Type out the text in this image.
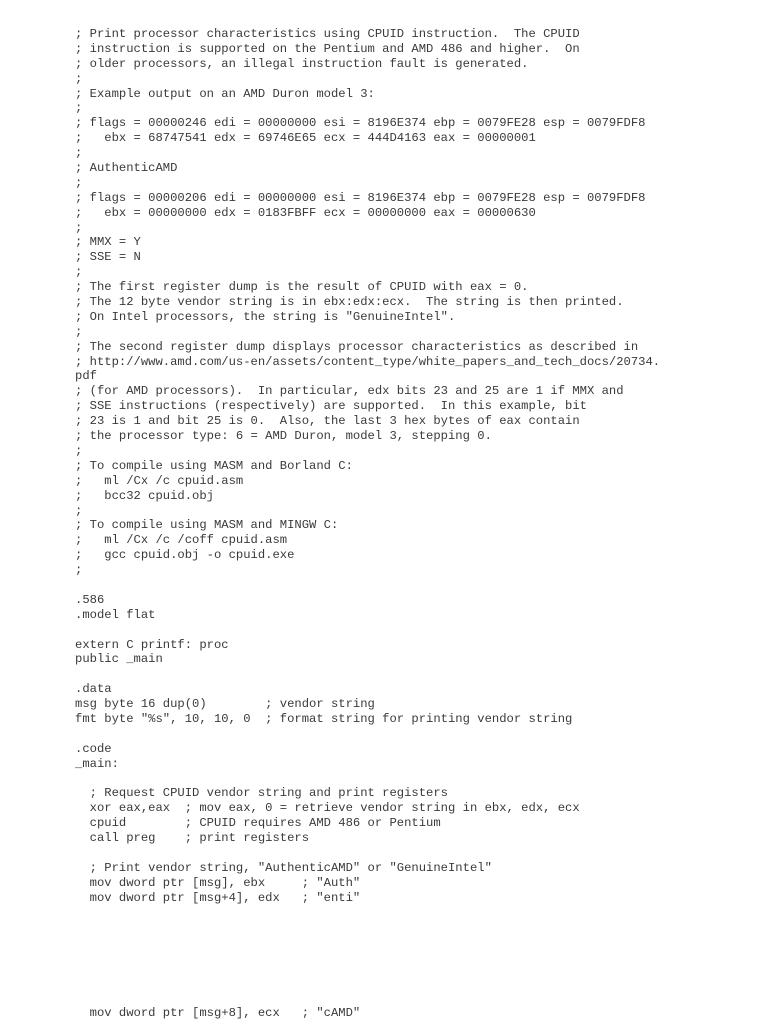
; Print processor characteristics using CPUID instruction.  The CPUID
; instruction is supported on the Pentium and AMD 486 and higher.  On
; older processors, an illegal instruction fault is generated.
;
; Example output on an AMD Duron model 3:
;
; flags = 00000246 edi = 00000000 esi = 8196E374 ebp = 0079FE28 esp = 0079FDF8
;   ebx = 68747541 edx = 69746E65 ecx = 444D4163 eax = 00000001
;
; AuthenticAMD
;
; flags = 00000206 edi = 00000000 esi = 8196E374 ebp = 0079FE28 esp = 0079FDF8
;   ebx = 00000000 edx = 0183FBFF ecx = 00000000 eax = 00000630
;
; MMX = Y
; SSE = N
;
; The first register dump is the result of CPUID with eax = 0.
; The 12 byte vendor string is in ebx:edx:ecx.  The string is then printed.
; On Intel processors, the string is "GenuineIntel".
;
; The second register dump displays processor characteristics as described in
; http://www.amd.com/us-en/assets/content_type/white_papers_and_tech_docs/20734.
pdf
; (for AMD processors).  In particular, edx bits 23 and 25 are 1 if MMX and
; SSE instructions (respectively) are supported.  In this example, bit
; 23 is 1 and bit 25 is 0.  Also, the last 3 hex bytes of eax contain
; the processor type: 6 = AMD Duron, model 3, stepping 0.
;
; To compile using MASM and Borland C:
;   ml /Cx /c cpuid.asm
;   bcc32 cpuid.obj
;
; To compile using MASM and MINGW C:
;   ml /Cx /c /coff cpuid.asm
;   gcc cpuid.obj -o cpuid.exe
;

.586
.model flat

extern C printf: proc
public _main

.data
msg byte 16 dup(0)        ; vendor string
fmt byte "%s", 10, 10, 0  ; format string for printing vendor string

.code
_main:

; Request CPUID vendor string and print registers
xor eax,eax  ; mov eax, 0 = retrieve vendor string in ebx, edx, ecx
cpuid        ; CPUID requires AMD 486 or Pentium
call preg    ; print registers

; Print vendor string, "AuthenticAMD" or "GenuineIntel"
mov dword ptr [msg], ebx     ; "Auth"
mov dword ptr [msg+4], edx   ; "enti"
mov dword ptr [msg+8], ecx   ; "cAMD"
